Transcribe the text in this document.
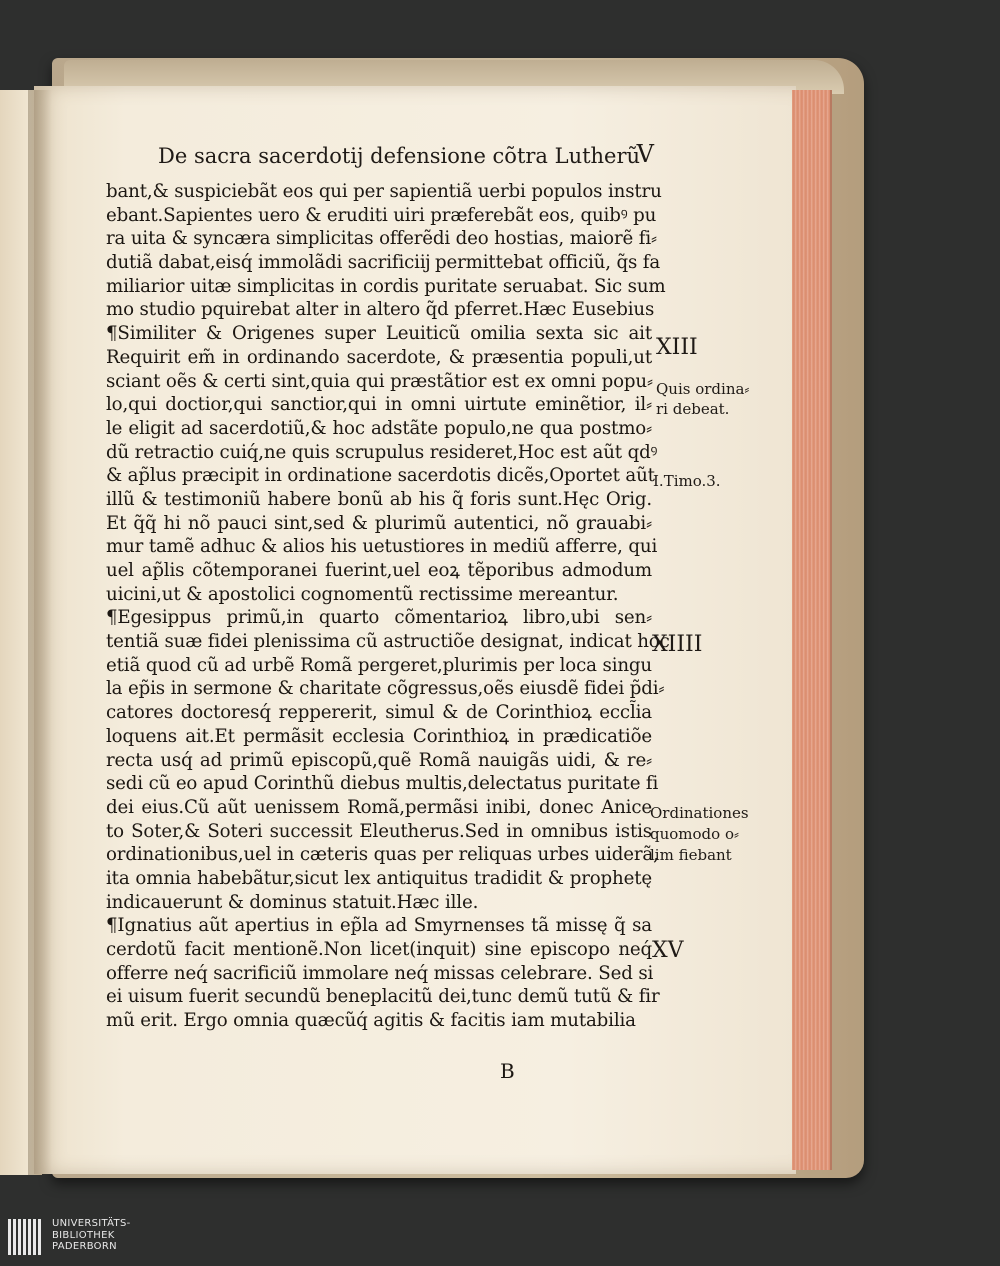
De sacra sacerdotij defensione cõtra Lutherũ
V
bant,& suspiciebãt eos qui per sapientiã uerbi populos instru
ebant.Sapientes uero & eruditi uiri præferebãt eos, quibꝰ pu
ra uita & syncæra simplicitas offerẽdi deo hostias, maiorẽ fi⸗
dutiã dabat,eisq́ immolãdi sacrificiĳ permittebat officiũ, q̃s fa
miliarior uitæ simplicitas in cordis puritate seruabat. Sic sum
mo studio pquirebat alter in altero q̃d pferret.Hæc Eusebius
¶Similiter & Origenes super Leuiticũ omilia sexta sic ait
Requirit em̃ in ordinando sacerdote, & præsentia populi,ut
sciant oẽs & certi sint,quia qui præstãtior est ex omni popu⸗
lo,qui doctior,qui sanctior,qui in omni uirtute eminẽtior, il⸗
le eligit ad sacerdotiũ,& hoc adstãte populo,ne qua postmo⸗
dũ retractio cuiq́,ne quis scrupulus resideret,Hoc est aũt qdꝰ
& ap̃lus præcipit in ordinatione sacerdotis dicẽs,Oportet aũt
illũ & testimoniũ habere bonũ ab his q̃ foris sunt.Hęc Orig.
Et q̃q̃ hi nõ pauci sint,sed & plurimũ autentici, nõ grauabi⸗
mur tamẽ adhuc & alios his uetustiores in mediũ afferre, qui
uel ap̃lis cõtemporanei fuerint,uel eoꝝ tẽporibus admodum
uicini,ut & apostolici cognomentũ rectissime mereantur.
¶Egesippus primũ,in quarto cõmentarioꝝ libro,ubi sen⸗
tentiã suæ fidei plenissima cũ astructiõe designat, indicat hoc
etiã quod cũ ad urbẽ Romã pergeret,plurimis per loca singu
la ep̃is in sermone & charitate cõgressus,oẽs eiusdẽ fidei p̃di⸗
catores doctoresq́ reppererit, simul & de Corinthioꝝ eccl̃ia
loquens ait.Et permãsit ecclesia Corinthioꝝ in prædicatiõe
recta usq́ ad primũ episcopũ,quẽ Romã nauigãs uidi, & re⸗
sedi cũ eo apud Corinthũ diebus multis,delectatus puritate fi
dei eius.Cũ aũt uenissem Romã,permãsi inibi, donec Anice
to Soter,& Soteri successit Eleutherus.Sed in omnibus istis
ordinationibus,uel in cæteris quas per reliquas urbes uiderã,
ita omnia habebãtur,sicut lex antiquitus tradidit & prophetę
indicauerunt & dominus statuit.Hæc ille.
¶Ignatius aũt apertius in ep̃la ad Smyrnenses tã missę q̃ sa
cerdotũ facit mentionẽ.Non licet(inquit) sine episcopo neq́
offerre neq́ sacrificiũ immolare neq́ missas celebrare. Sed si
ei uisum fuerit secundũ beneplacitũ dei,tunc demũ tutũ & fir
mũ erit. Ergo omnia quæcũq́ agitis & facitis iam mutabilia
XIII
Quis ordina⸗
ri debeat.
I.Timo.3.
XIIII
Ordinationes
quomodo o⸗
lim fiebant
XV
B
UNIVERSITÄTS-
BIBLIOTHEK
PADERBORN
